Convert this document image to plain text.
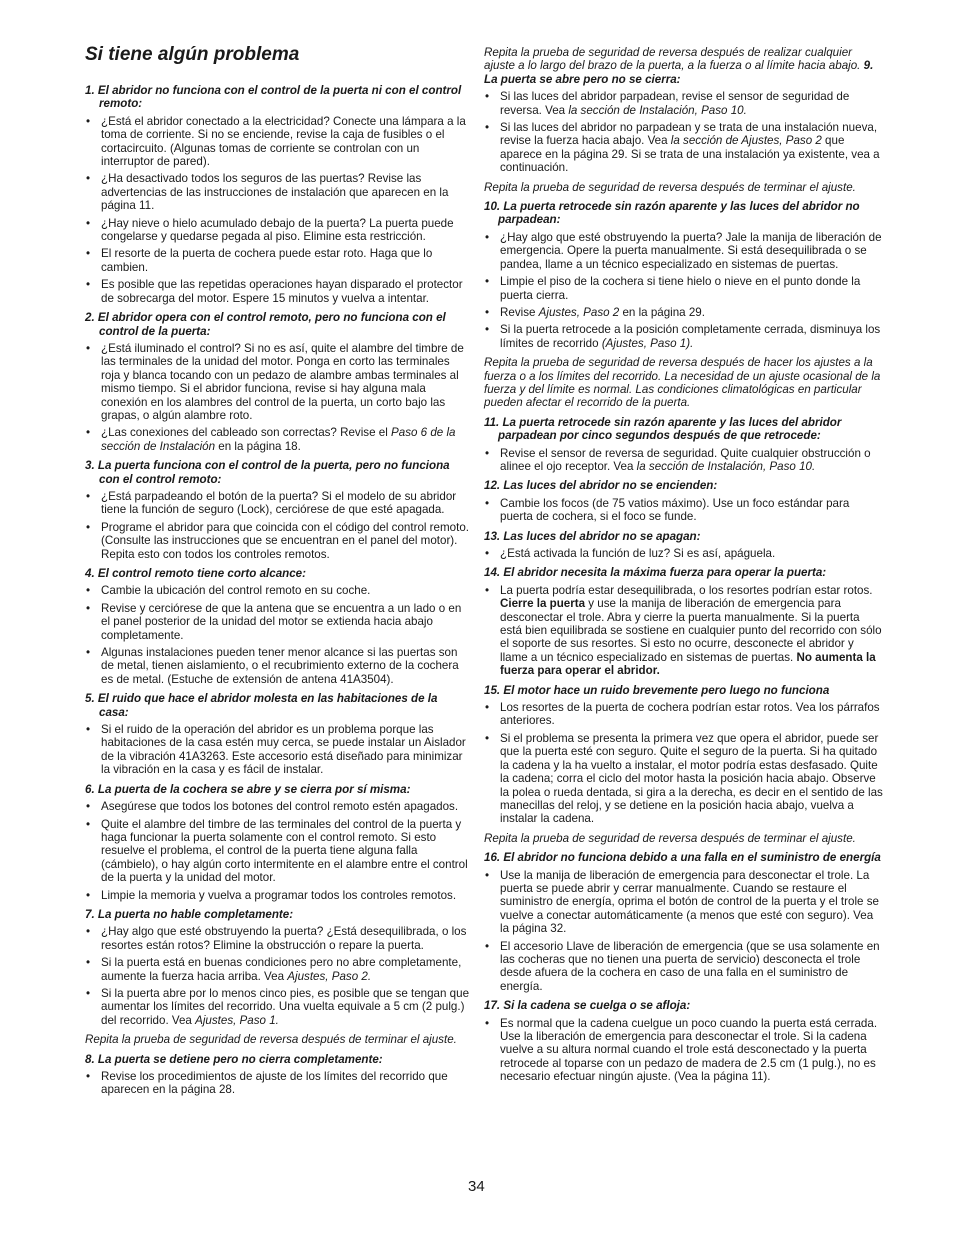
Si tiene algún problema
1. El abridor no funciona con el control de la puerta ni con el control remoto:
• ¿Está el abridor conectado a la electricidad? Conecte una lámpara a la toma de corriente. Si no se enciende, revise la caja de fusibles o el cortacircuito. (Algunas tomas de corriente se controlan con un interruptor de pared).
• ¿Ha desactivado todos los seguros de las puertas? Revise las advertencias de las instrucciones de instalación que aparecen en la página 11.
• ¿Hay nieve o hielo acumulado debajo de la puerta? La puerta puede congelarse y quedarse pegada al piso. Elimine esta restricción.
• El resorte de la puerta de cochera puede estar roto. Haga que lo cambien.
• Es posible que las repetidas operaciones hayan disparado el protector de sobrecarga del motor. Espere 15 minutos y vuelva a intentar.
2. El abridor opera con el control remoto, pero no funciona con el control de la puerta:
• ¿Está iluminado el control? Si no es así, quite el alambre del timbre de las terminales de la unidad del motor. Ponga en corto las terminales roja y blanca tocando con un pedazo de alambre ambas terminales al mismo tiempo. Si el abridor funciona, revise si hay alguna mala conexión en los alambres del control de la puerta, un corto bajo las grapas, o algún alambre roto.
• ¿Las conexiones del cableado son correctas? Revise el Paso 6 de la sección de Instalación en la página 18.
3. La puerta funciona con el control de la puerta, pero no funciona con el control remoto:
• ¿Está parpadeando el botón de la puerta? Si el modelo de su abridor tiene la función de seguro (Lock), cerciórese de que esté apagada.
• Programe el abridor para que coincida con el código del control remoto. (Consulte las instrucciones que se encuentran en el panel del motor). Repita esto con todos los controles remotos.
4. El control remoto tiene corto alcance:
• Cambie la ubicación del control remoto en su coche.
• Revise y cerciórese de que la antena que se encuentra a un lado o en el panel posterior de la unidad del motor se extienda hacia abajo completamente.
• Algunas instalaciones pueden tener menor alcance si las puertas son de metal, tienen aislamiento, o el recubrimiento externo de la cochera es de metal. (Estuche de extensión de antena 41A3504).
5. El ruido que hace el abridor molesta en las habitaciones de la casa:
• Si el ruido de la operación del abridor es un problema porque las habitaciones de la casa estén muy cerca, se puede instalar un Aislador de la vibración 41A3263. Este accesorio está diseñado para minimizar la vibración en la casa y es fácil de instalar.
6. La puerta de la cochera se abre y se cierra por sí misma:
• Asegúrese que todos los botones del control remoto estén apagados.
• Quite el alambre del timbre de las terminales del control de la puerta y haga funcionar la puerta solamente con el control remoto. Si esto resuelve el problema, el control de la puerta tiene alguna falla (cámbielo), o hay algún corto intermitente en el alambre entre el control de la puerta y la unidad del motor.
• Limpie la memoria y vuelva a programar todos los controles remotos.
7. La puerta no hable completamente:
• ¿Hay algo que esté obstruyendo la puerta? ¿Está desequilibrada, o los resortes están rotos? Elimine la obstrucción o repare la puerta.
• Si la puerta está en buenas condiciones pero no abre completamente, aumente la fuerza hacia arriba. Vea Ajustes, Paso 2.
• Si la puerta abre por lo menos cinco pies, es posible que se tengan que aumentar los límites del recorrido. Una vuelta equivale a 5 cm (2 pulg.) del recorrido. Vea Ajustes, Paso 1.
Repita la prueba de seguridad de reversa después de terminar el ajuste.
8. La puerta se detiene pero no cierra completamente:
• Revise los procedimientos de ajuste de los límites del recorrido que aparecen en la página 28.
Repita la prueba de seguridad de reversa después de realizar cualquier ajuste a lo largo del brazo de la puerta, a la fuerza o al límite hacia abajo. 9. La puerta se abre pero no se cierra:
• Si las luces del abridor parpadean, revise el sensor de seguridad de reversa. Vea la sección de Instalación, Paso 10.
• Si las luces del abridor no parpadean y se trata de una instalación nueva, revise la fuerza hacia abajo. Vea la sección de Ajustes, Paso 2 que aparece en la página 29. Si se trata de una instalación ya existente, vea a continuación.
Repita la prueba de seguridad de reversa después de terminar el ajuste.
10. La puerta retrocede sin razón aparente y las luces del abridor no parpadean:
• ¿Hay algo que esté obstruyendo la puerta? Jale la manija de liberación de emergencia. Opere la puerta manualmente. Si está desequilibrada o se pandea, llame a un técnico especializado en sistemas de puertas.
• Limpie el piso de la cochera si tiene hielo o nieve en el punto donde la puerta cierra.
• Revise Ajustes, Paso 2 en la página 29.
• Si la puerta retrocede a la posición completamente cerrada, disminuya los límites de recorrido (Ajustes, Paso 1).
Repita la prueba de seguridad de reversa después de hacer los ajustes a la fuerza o a los límites del recorrido. La necesidad de un ajuste ocasional de la fuerza y del límite es normal. Las condiciones climatológicas en particular pueden afectar el recorrido de la puerta.
11. La puerta retrocede sin razón aparente y las luces del abridor parpadean por cinco segundos después de que retrocede:
• Revise el sensor de reversa de seguridad. Quite cualquier obstrucción o alinee el ojo receptor. Vea la sección de Instalación, Paso 10.
12. Las luces del abridor no se encienden:
• Cambie los focos (de 75 vatios máximo). Use un foco estándar para puerta de cochera, si el foco se funde.
13. Las luces del abridor no se apagan:
• ¿Está activada la función de luz? Si es así, apáguela.
14. El abridor necesita la máxima fuerza para operar la puerta:
• La puerta podría estar desequilibrada, o los resortes podrían estar rotos. Cierre la puerta y use la manija de liberación de emergencia para desconectar el trole. Abra y cierre la puerta manualmente. Si la puerta está bien equilibrada se sostiene en cualquier punto del recorrido con sólo el soporte de sus resortes. Si esto no ocurre, desconecte el abridor y llame a un técnico especializado en sistemas de puertas. No aumenta la fuerza para operar el abridor.
15. El motor hace un ruido brevemente pero luego no funciona
• Los resortes de la puerta de cochera podrían estar rotos. Vea los párrafos anteriores.
• Si el problema se presenta la primera vez que opera el abridor, puede ser que la puerta esté con seguro. Quite el seguro de la puerta. Si ha quitado la cadena y la ha vuelto a instalar, el motor podría estas desfasado. Quite la cadena; corra el ciclo del motor hasta la posición hacia abajo. Observe la polea o rueda dentada, si gira a la derecha, es decir en el sentido de las manecillas del reloj, y se detiene en la posición hacia abajo, vuelva a instalar la cadena.
Repita la prueba de seguridad de reversa después de terminar el ajuste.
16. El abridor no funciona debido a una falla en el suministro de energía
• Use la manija de liberación de emergencia para desconectar el trole. La puerta se puede abrir y cerrar manualmente. Cuando se restaure el suministro de energía, oprima el botón de control de la puerta y el trole se vuelve a conectar automáticamente (a menos que esté con seguro). Vea la página 32.
• El accesorio Llave de liberación de emergencia (que se usa solamente en las cocheras que no tienen una puerta de servicio) desconecta el trole desde afuera de la cochera en caso de una falla en el suministro de energía.
17. Si la cadena se cuelga o se afloja:
• Es normal que la cadena cuelgue un poco cuando la puerta está cerrada. Use la liberación de emergencia para desconectar el trole. Si la cadena vuelve a su altura normal cuando el trole está desconectado y la puerta retrocede al toparse con un pedazo de madera de 2.5 cm (1 pulg.), no es necesario efectuar ningún ajuste. (Vea la página 11).
34
